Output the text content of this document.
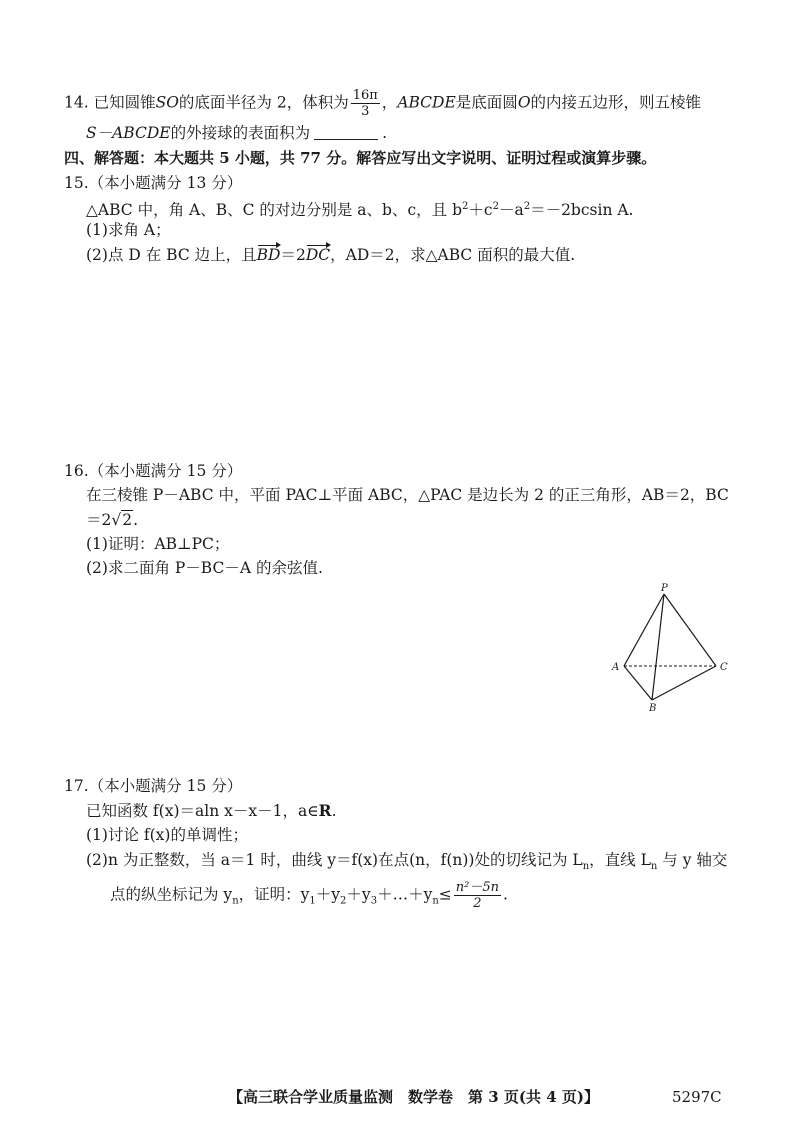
14. 已知圆锥SO的底面半径为 2，体积为 $\frac{16\pi}{3}$ ，ABCDE是底面圆O的内接五边形，则五棱锥
S－ABCDE的外接球的表面积为	.
四、解答题：本大题共 5 小题，共 77 分。解答应写出文字说明、证明过程或演算步骤。
15.（本小题满分 13 分）
△ABC 中，角 A、B、C 的对边分别是 a、b、c，且 $b^2+c^2-a^2=-2bcsin$ A.
(1)求角 A；
(2)点 D 在 BC 边上，且BD＝2DC，AD＝2，求△ABC 面积的最大值.
16.（本小题满分 15 分）
在三棱锥 P－ABC 中，平面 PAC⊥平面 ABC，△PAC 是边长为 2 的正三角形，AB＝2，BC
＝2√2.
(1)证明：AB⊥PC；
(2)求二面角 P－BC－A 的余弦值.
P
A
B
C
17.（本小题满分 15 分）
已知函数 f(x)＝aln x－x－1，a∈R.
(1)讨论 f(x)的单调性；
(2)n 为正整数，当 a＝1 时，曲线 y＝f(x)在点(n，f(n))处的切线记为 $L_n$，直线 $L_n$ 与 y 轴交
点的纵坐标记为 $y_n$，证明：$y_1+y_2+y_3+\dots+y_n\le \frac{\text{n²－5n}}{2}$ .
【高三联合学业质量监测　数学卷　第 3 页(共 4 页)】	5297C
